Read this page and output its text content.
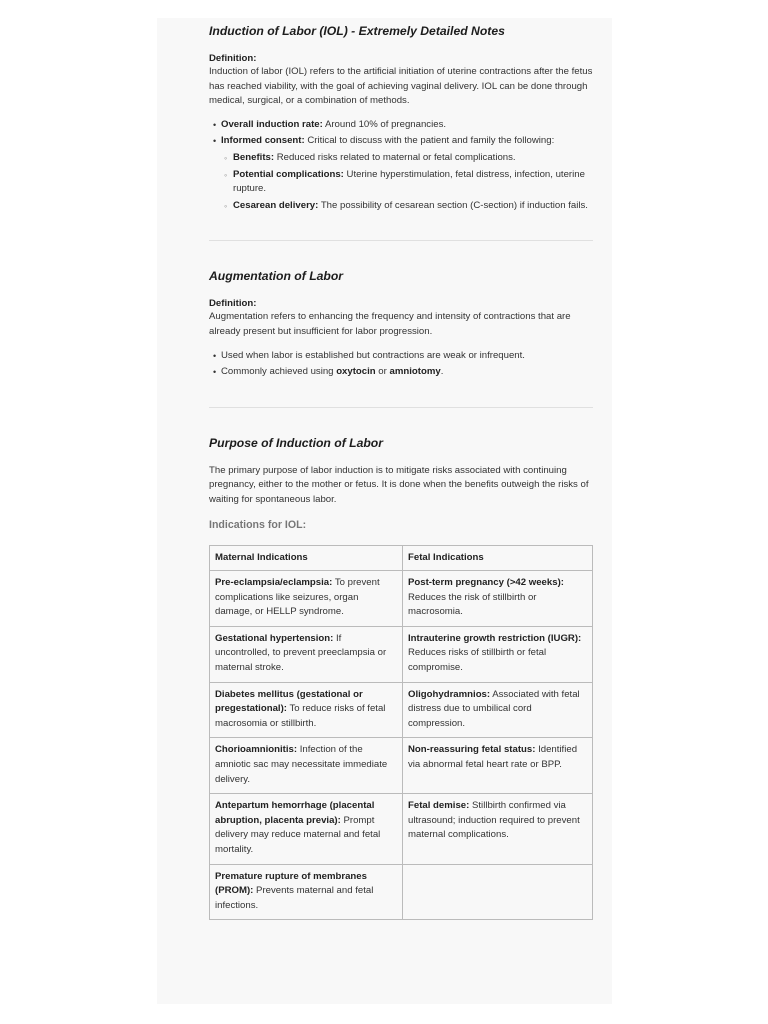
Induction of Labor (IOL) - Extremely Detailed Notes
Definition:

Induction of labor (IOL) refers to the artificial initiation of uterine contractions after the fetus has reached viability, with the goal of achieving vaginal delivery. IOL can be done through medical, surgical, or a combination of methods.

• Overall induction rate: Around 10% of pregnancies.
• Informed consent: Critical to discuss with the patient and family the following:
◦ Benefits: Reduced risks related to maternal or fetal complications.
◦ Potential complications: Uterine hyperstimulation, fetal distress, infection, uterine rupture.
◦ Cesarean delivery: The possibility of cesarean section (C-section) if induction fails.
Augmentation of Labor
Definition:

Augmentation refers to enhancing the frequency and intensity of contractions that are already present but insufficient for labor progression.

• Used when labor is established but contractions are weak or infrequent.
• Commonly achieved using oxytocin or amniotomy.
Purpose of Induction of Labor

The primary purpose of labor induction is to mitigate risks associated with continuing pregnancy, either to the mother or fetus. It is done when the benefits outweigh the risks of waiting for spontaneous labor.

Indications for IOL:
Maternal Indications	Fetal Indications
Pre-eclampsia/eclampsia: To prevent complications like seizures, organ damage, or HELLP syndrome.	Post-term pregnancy (>42 weeks): Reduces the risk of stillbirth or macrosomia.
Gestational hypertension: If uncontrolled, to prevent preeclampsia or maternal stroke.	Intrauterine growth restriction (IUGR): Reduces risks of stillbirth or fetal compromise.
Diabetes mellitus (gestational or pregestational): To reduce risks of fetal macrosomia or stillbirth.	Oligohydramnios: Associated with fetal distress due to umbilical cord compression.
Chorioamnionitis: Infection of the amniotic sac may necessitate immediate delivery.	Non-reassuring fetal status: Identified via abnormal fetal heart rate or BPP.
Antepartum hemorrhage (placental abruption, placenta previa): Prompt delivery may reduce maternal and fetal mortality.	Fetal demise: Stillbirth confirmed via ultrasound; induction required to prevent maternal complications.
Premature rupture of membranes (PROM): Prevents maternal and fetal infections.	
